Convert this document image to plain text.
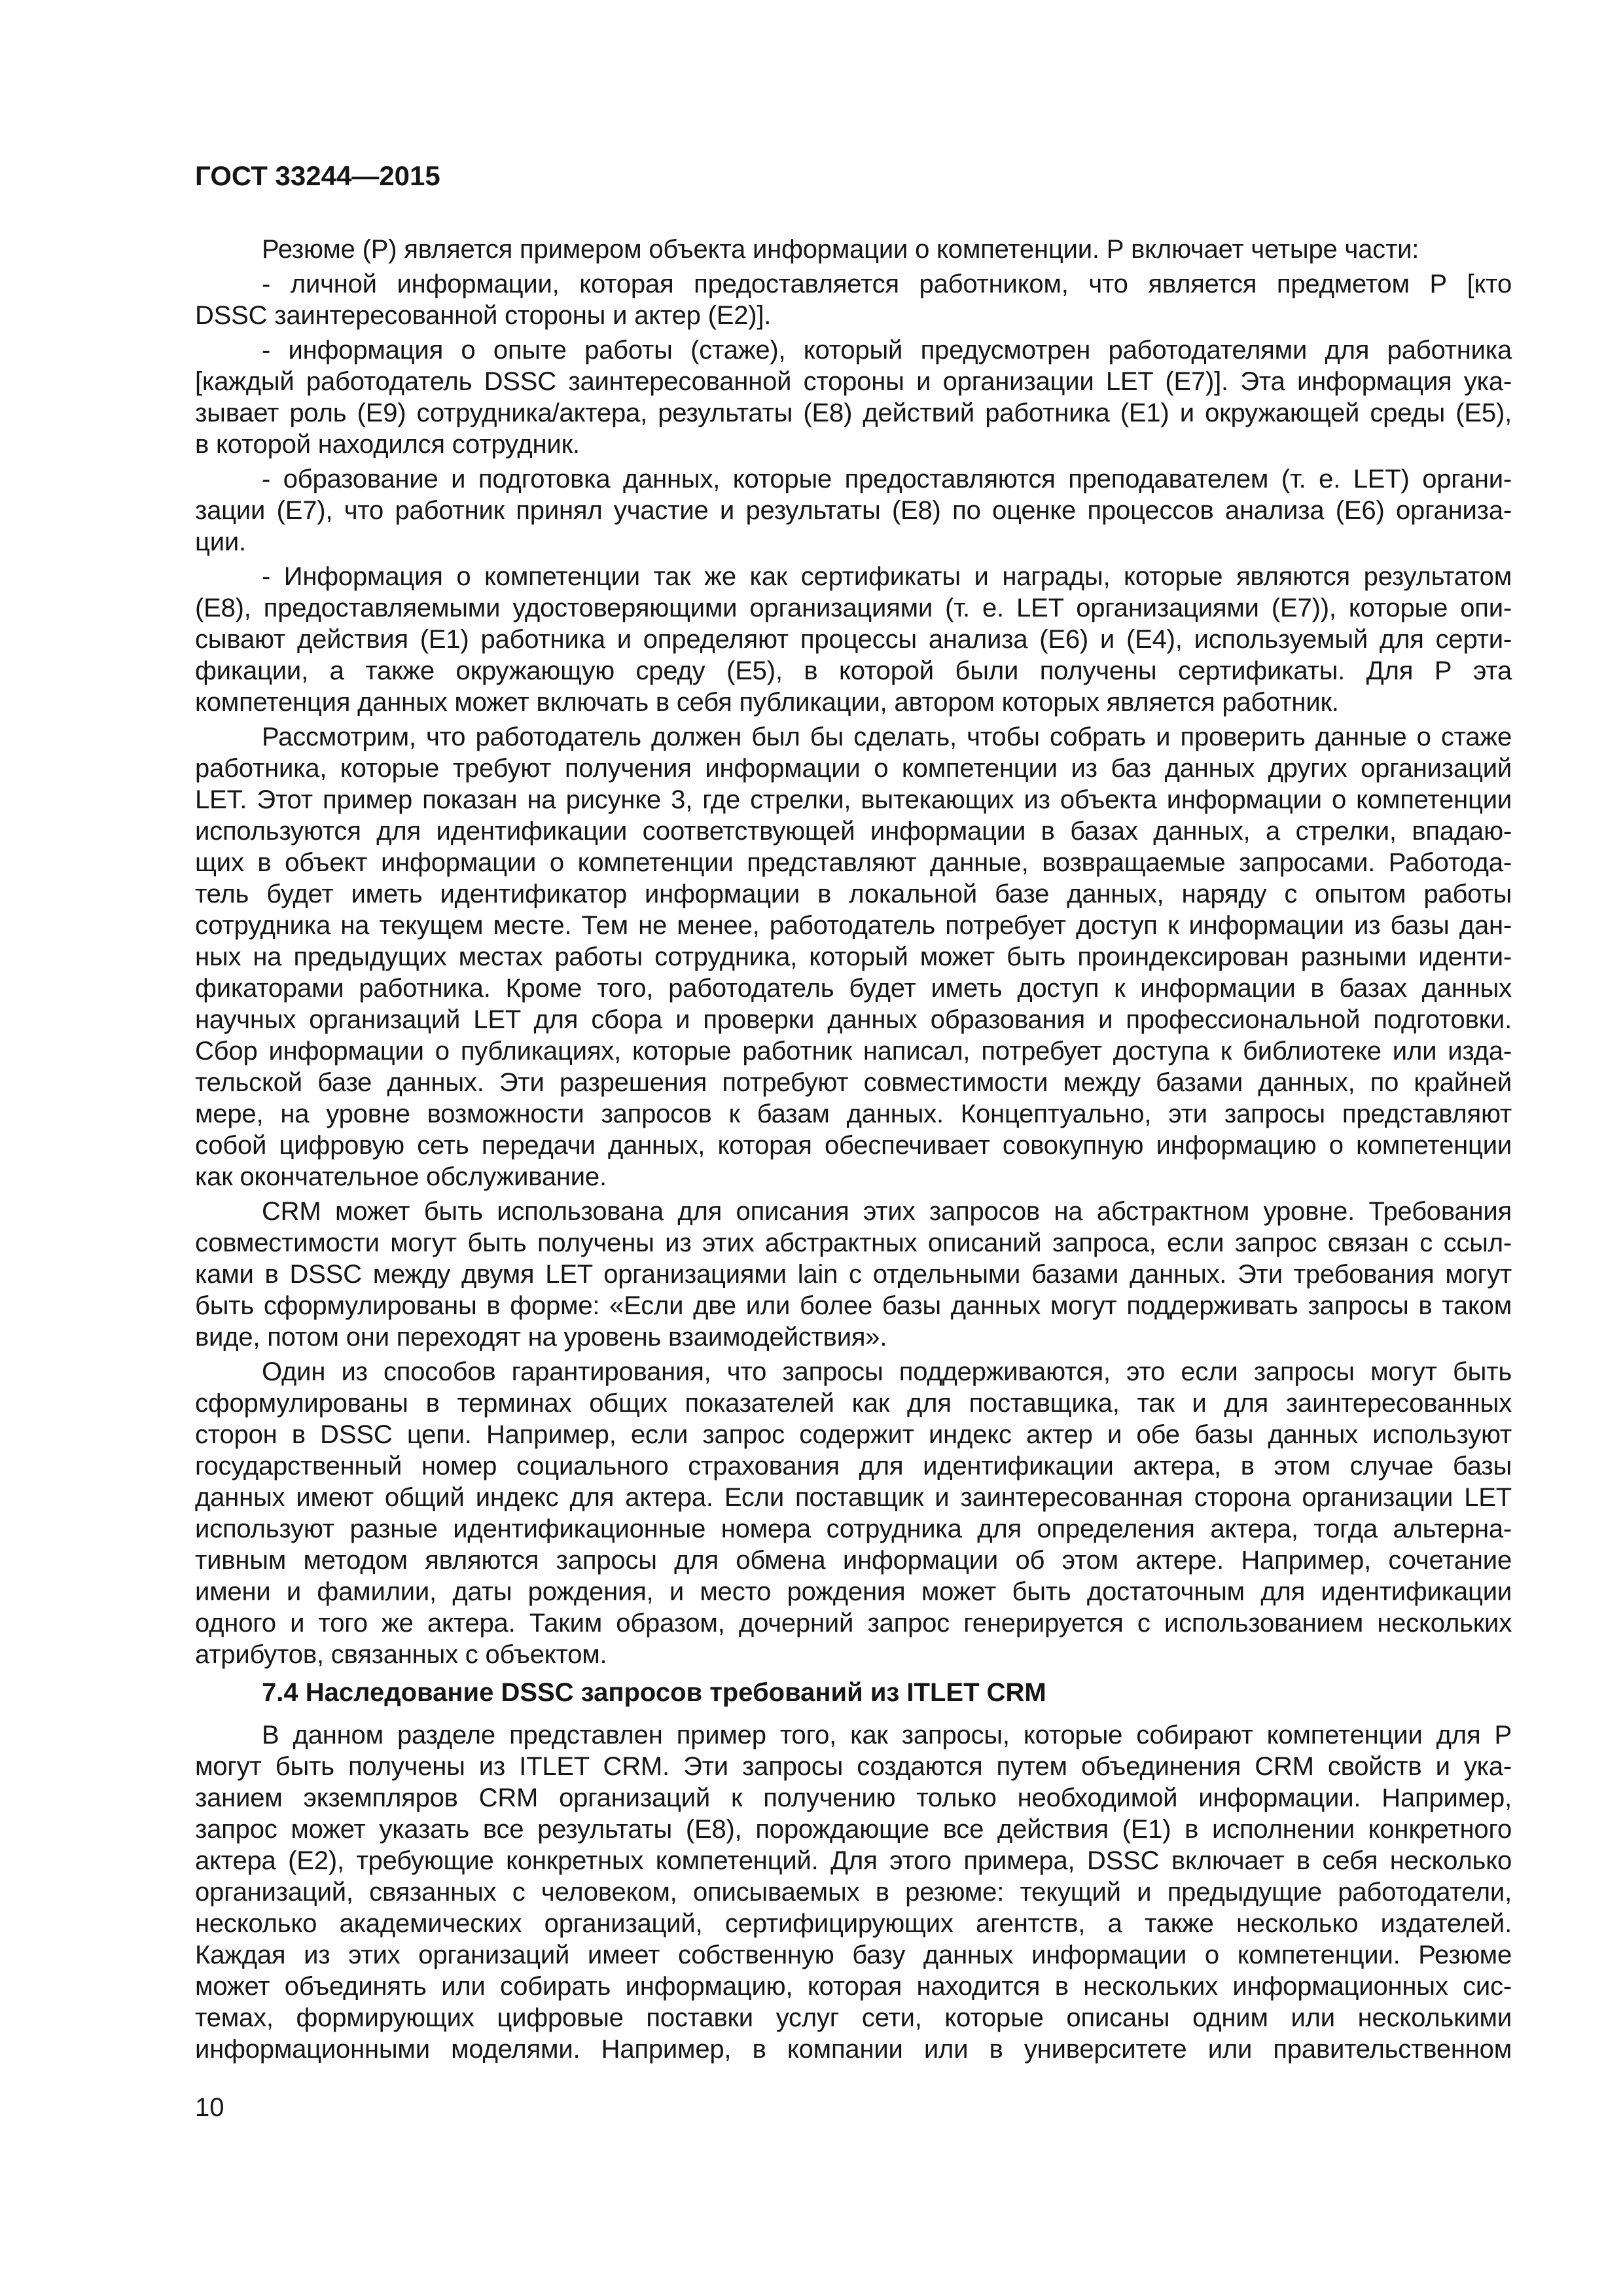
ГОСТ 33244—2015
Резюме (Р) является примером объекта информации о компетенции. Р включает четыре части:
- личной информации, которая предоставляется работником, что является предметом Р [кто
DSSC заинтересованной стороны и актер (Е2)].
- информация о опыте работы (стаже), который предусмотрен работодателями для работника
[каждый работодатель DSSC заинтересованной стороны и организации LET (Е7)]. Эта информация ука-
зывает роль (Е9) сотрудника/актера, результаты (Е8) действий работника (Е1) и окружающей среды (Е5),
в которой находился сотрудник.
- образование и подготовка данных, которые предоставляются преподавателем (т. е. LET) органи-
зации (Е7), что работник принял участие и результаты (Е8) по оценке процессов анализа (Е6) организа-
ции.
- Информация о компетенции так же как сертификаты и награды, которые являются результатом
(Е8), предоставляемыми удостоверяющими организациями (т. е. LET организациями (Е7)), которые опи-
сывают действия (Е1) работника и определяют процессы анализа (Е6) и (Е4), используемый для серти-
фикации, а также окружающую среду (Е5), в которой были получены сертификаты. Для Р эта
компетенция данных может включать в себя публикации, автором которых является работник.
Рассмотрим, что работодатель должен был бы сделать, чтобы собрать и проверить данные о стаже
работника, которые требуют получения информации о компетенции из баз данных других организаций
LET. Этот пример показан на рисунке 3, где стрелки, вытекающих из объекта информации о компетенции
используются для идентификации соответствующей информации в базах данных, а стрелки, впадаю-
щих в объект информации о компетенции представляют данные, возвращаемые запросами. Работода-
тель будет иметь идентификатор информации в локальной базе данных, наряду с опытом работы
сотрудника на текущем месте. Тем не менее, работодатель потребует доступ к информации из базы дан-
ных на предыдущих местах работы сотрудника, который может быть проиндексирован разными иденти-
фикаторами работника. Кроме того, работодатель будет иметь доступ к информации в базах данных
научных организаций LET для сбора и проверки данных образования и профессиональной подготовки.
Сбор информации о публикациях, которые работник написал, потребует доступа к библиотеке или изда-
тельской базе данных. Эти разрешения потребуют совместимости между базами данных, по крайней
мере, на уровне возможности запросов к базам данных. Концептуально, эти запросы представляют
собой цифровую сеть передачи данных, которая обеспечивает совокупную информацию о компетенции
как окончательное обслуживание.
CRM может быть использована для описания этих запросов на абстрактном уровне. Требования
совместимости могут быть получены из этих абстрактных описаний запроса, если запрос связан с ссыл-
ками в DSSC между двумя LET организациями lain с отдельными базами данных. Эти требования могут
быть сформулированы в форме: «Если две или более базы данных могут поддерживать запросы в таком
виде, потом они переходят на уровень взаимодействия».
Один из способов гарантирования, что запросы поддерживаются, это если запросы могут быть
сформулированы в терминах общих показателей как для поставщика, так и для заинтересованных
сторон в DSSC цепи. Например, если запрос содержит индекс актер и обе базы данных используют
государственный номер социального страхования для идентификации актера, в этом случае базы
данных имеют общий индекс для актера. Если поставщик и заинтересованная сторона организации LET
используют разные идентификационные номера сотрудника для определения актера, тогда альтерна-
тивным методом являются запросы для обмена информации об этом актере. Например, сочетание
имени и фамилии, даты рождения, и место рождения может быть достаточным для идентификации
одного и того же актера. Таким образом, дочерний запрос генерируется с использованием нескольких
атрибутов, связанных с объектом.
7.4 Наследование DSSC запросов требований из ITLET CRM
В данном разделе представлен пример того, как запросы, которые собирают компетенции для Р
могут быть получены из ITLET CRM. Эти запросы создаются путем объединения CRM свойств и ука-
занием экземпляров CRM организаций к получению только необходимой информации. Например,
запрос может указать все результаты (Е8), порождающие все действия (Е1) в исполнении конкретного
актера (Е2), требующие конкретных компетенций. Для этого примера, DSSC включает в себя несколько
организаций, связанных с человеком, описываемых в резюме: текущий и предыдущие работодатели,
несколько академических организаций, сертифицирующих агентств, а также несколько издателей.
Каждая из этих организаций имеет собственную базу данных информации о компетенции. Резюме
может объединять или собирать информацию, которая находится в нескольких информационных сис-
темах, формирующих цифровые поставки услуг сети, которые описаны одним или несколькими
информационными моделями. Например, в компании или в университете или правительственном
10
